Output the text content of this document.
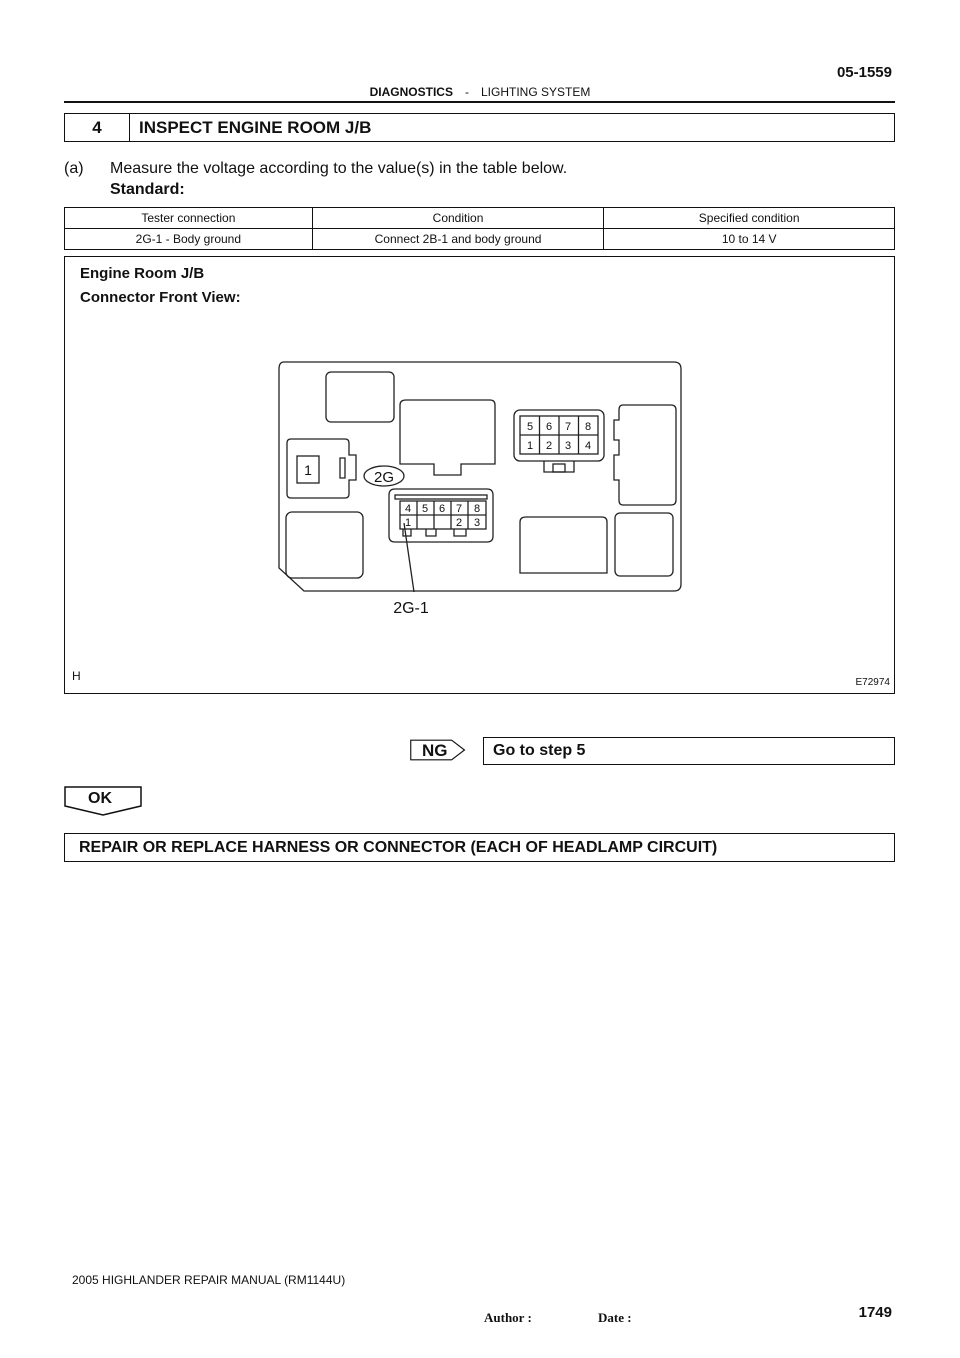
05-1559
DIAGNOSTICS - LIGHTING SYSTEM
4	INSPECT ENGINE ROOM J/B
(a) Measure the voltage according to the value(s) in the table below.
Standard:
Tester connection	Condition	Specified condition
2G-1 - Body ground	Connect 2B-1 and body ground	10 to 14 V
Engine Room J/B
Connector Front View:
1	2G
5 6 7 8
1 2 3 4
4 5 6 7 8
1	2 3
2G-1
H	E72974
NG	Go to step 5
OK
REPAIR OR REPLACE HARNESS OR CONNECTOR (EACH OF HEADLAMP CIRCUIT)
2005 HIGHLANDER REPAIR MANUAL (RM1144U)
Author :	Date :	1749
